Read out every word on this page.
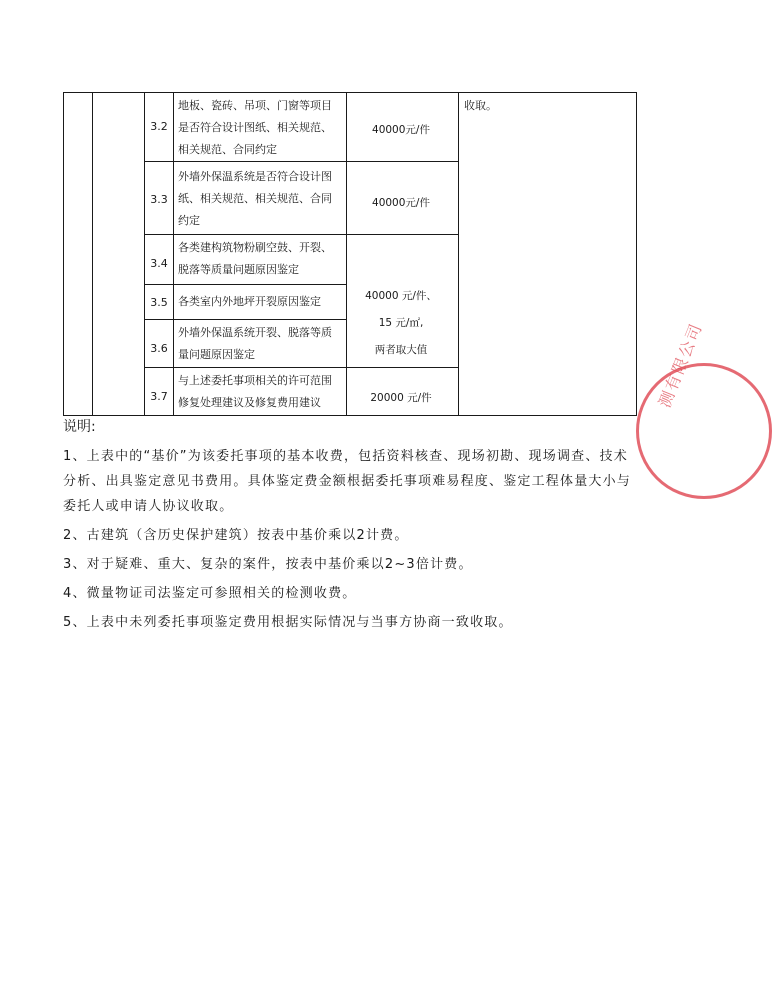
3.2
地板、瓷砖、吊项、门窗等项目
是否符合设计图纸、相关规范、
相关规范、合同约定
40000元/件
3.3
外墙外保温系统是否符合设计图
纸、相关规范、相关规范、合同
约定
40000元/件
3.4
各类建构筑物粉刷空鼓、开裂、
脱落等质量问题原因鉴定
3.5 各类室内外地坪开裂原因鉴定
3.6
外墙外保温系统开裂、脱落等质
量问题原因鉴定
40000 元/件、
15 元/㎡,
两者取大值
3.7
与上述委托事项相关的许可范围
修复处理建议及修复费用建议	20000 元/件
收取。
说明:
1、上表中的“基价”为该委托事项的基本收费，包括资料核查、现场初勘、现场调查、技术分析、出具鉴定意见书费用。具体鉴定费金额根据委托事项难易程度、鉴定工程体量大小与委托人或申请人协议收取。
2、古建筑（含历史保护建筑）按表中基价乘以2计费。
3、对于疑难、重大、复杂的案件，按表中基价乘以2~3倍计费。
4、微量物证司法鉴定可参照相关的检测收费。
5、上表中未列委托事项鉴定费用根据实际情况与当事方协商一致收取。
测有限公司
